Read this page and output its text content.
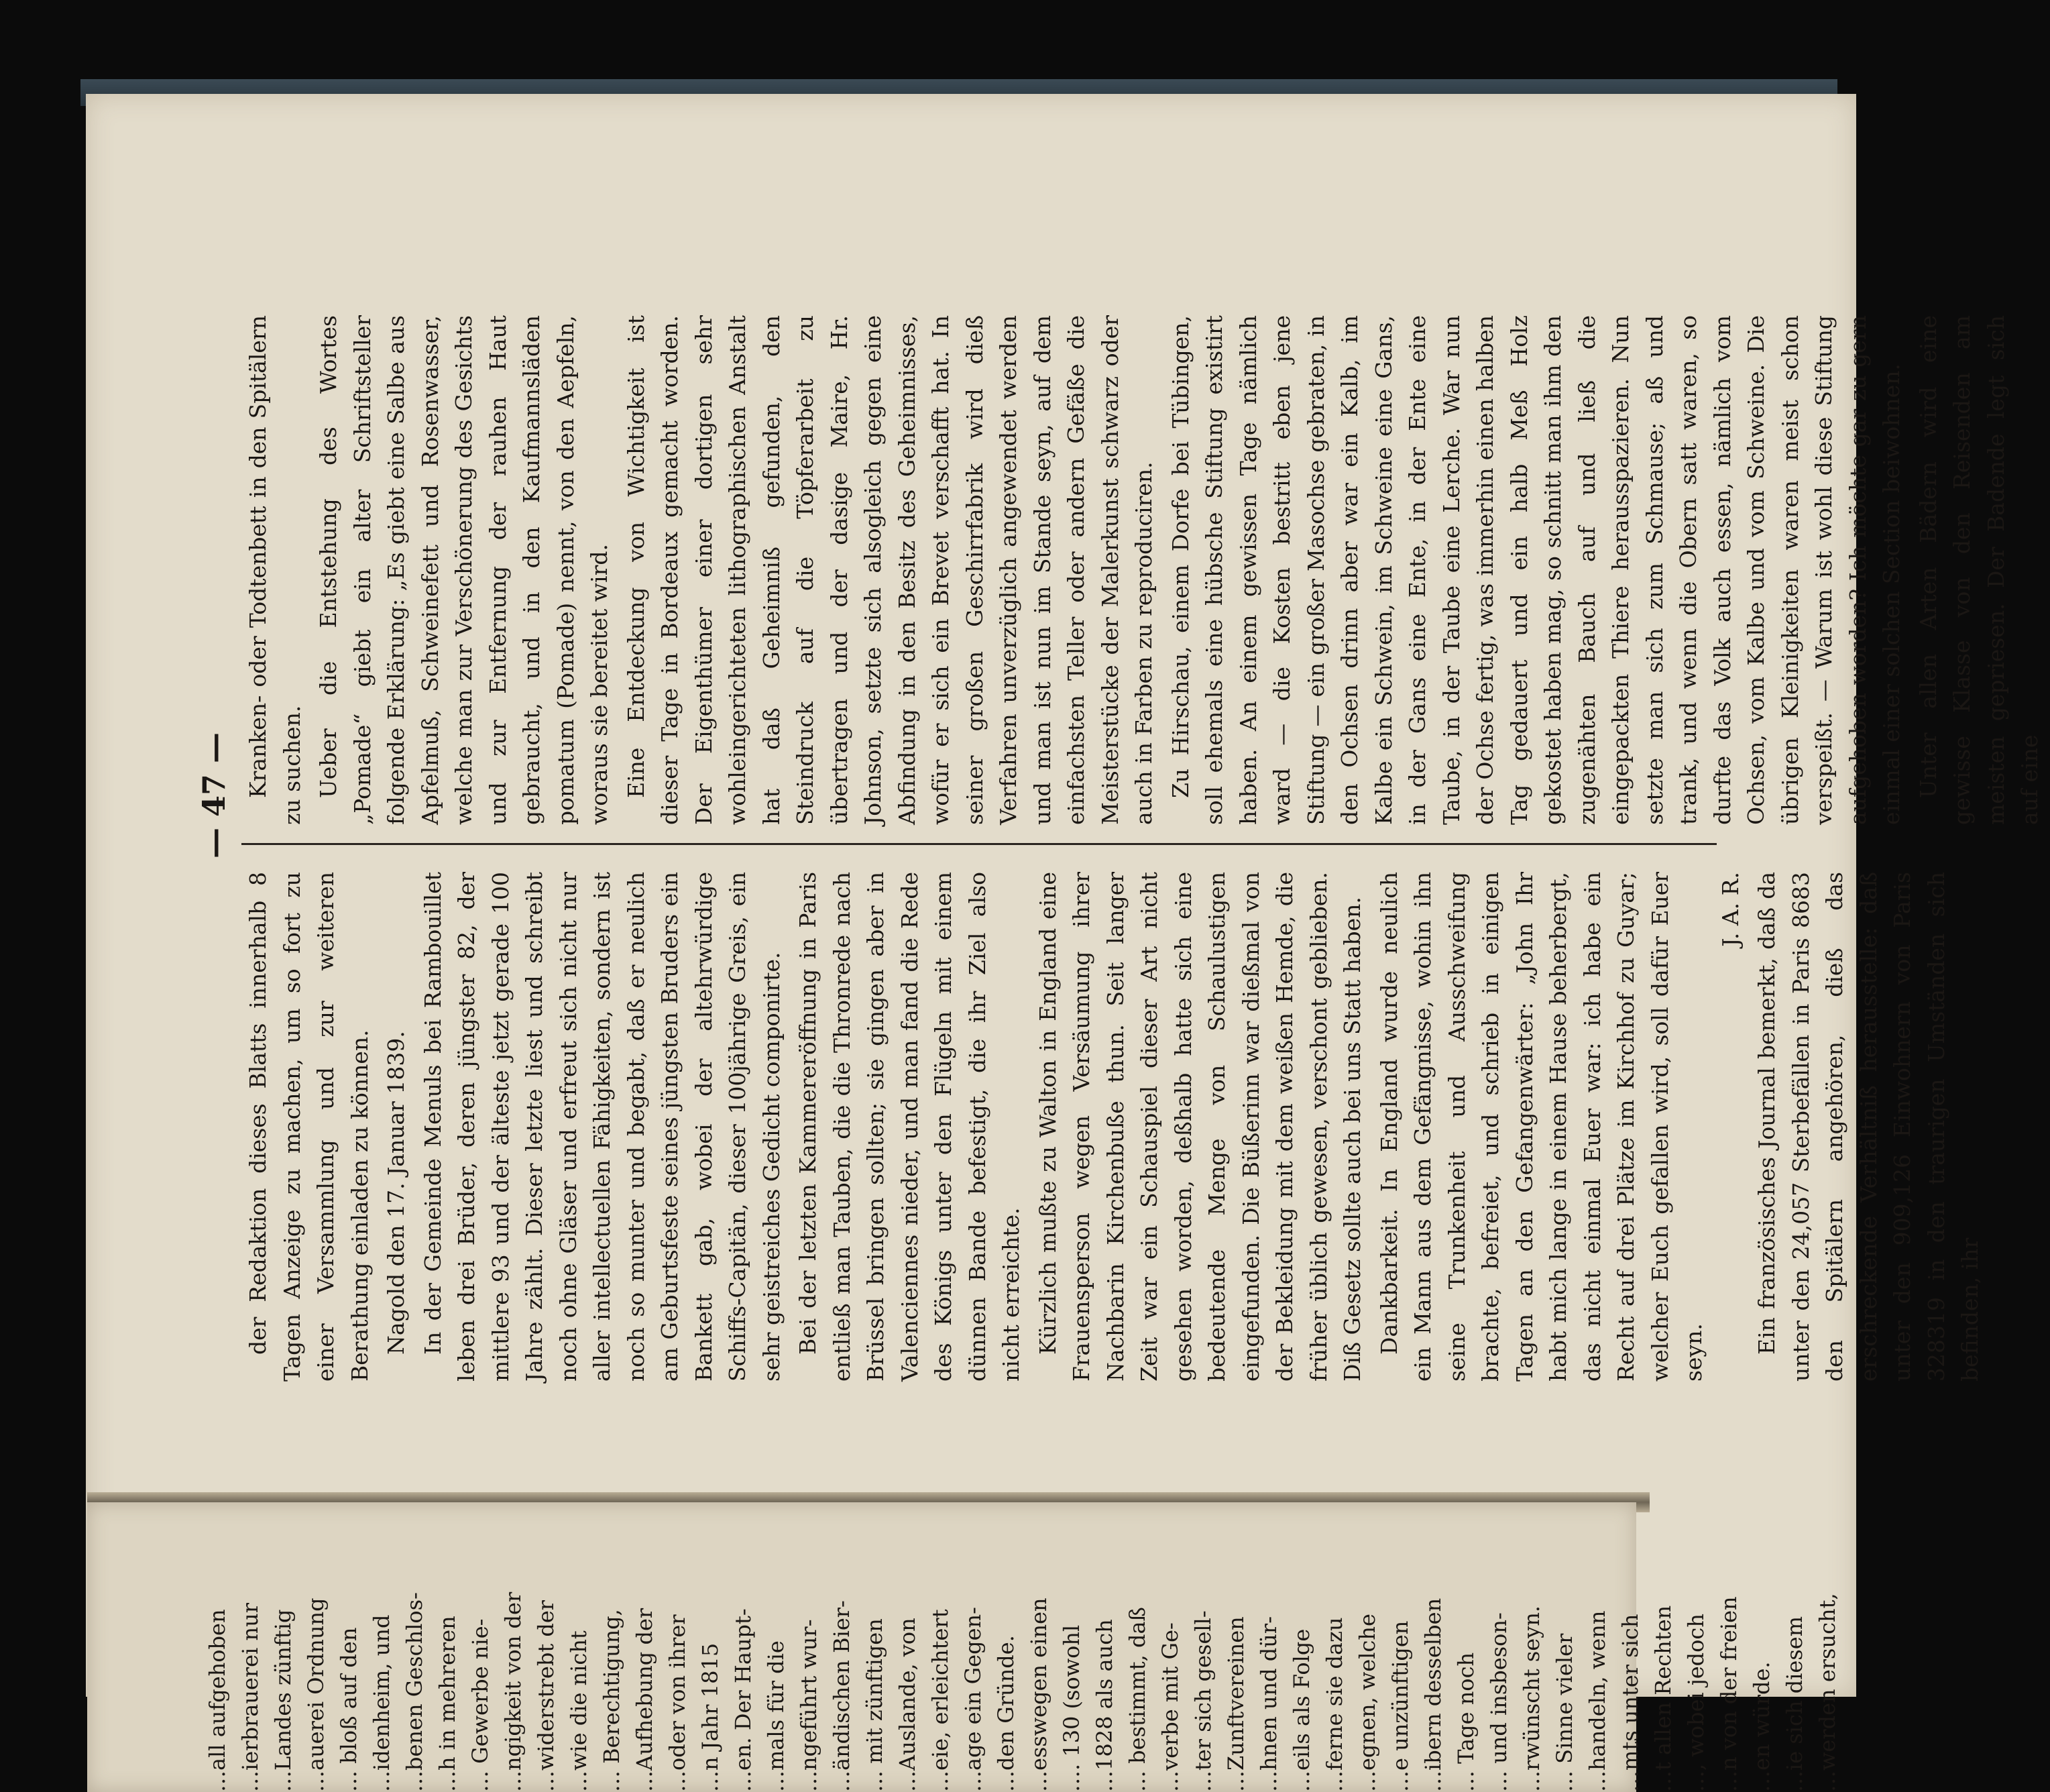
— 47 —
der Redaktion dieses Blatts innerhalb 8 Tagen Anzeige zu machen, um so fort zu einer Versammlung und zur weiteren Berathung einladen zu können. Nagold den 17. Januar 1839. In der Gemeinde Menuls bei Rambouillet leben drei Brüder, deren jüngster 82, der mittlere 93 und der älteste jetzt gerade 100 Jahre zählt. Dieser letzte liest und schreibt noch ohne Gläser und erfreut sich nicht nur aller intellectuellen Fähigkeiten, sondern ist noch so munter und begabt, daß er neulich am Geburtsfeste seines jüngsten Bruders ein Bankett gab, wobei der altehrwürdige Schiffs-Capitän, dieser 100jährige Greis, ein sehr geistreiches Gedicht componirte. Bei der letzten Kammereröffnung in Paris entließ man Tauben, die die Thronrede nach Brüssel bringen sollten; sie gingen aber in Valenciennes nieder, und man fand die Rede des Königs unter den Flügeln mit einem dünnen Bande befestigt, die ihr Ziel also nicht erreichte. Kürzlich mußte zu Walton in England eine Frauensperson wegen Versäumung ihrer Nachbarin Kirchenbuße thun. Seit langer Zeit war ein Schauspiel dieser Art nicht gesehen worden, deßhalb hatte sich eine bedeutende Menge von Schaulustigen eingefunden. Die Büßerinn war dießmal von der Bekleidung mit dem weißen Hemde, die früher üblich gewesen, verschont geblieben. Diß Gesetz sollte auch bei uns Statt haben. Dankbarkeit. In England wurde neulich ein Mann aus dem Gefängnisse, wohin ihn seine Trunkenheit und Ausschweifung brachte, befreiet, und schrieb in einigen Tagen an den Gefangenwärter: „John Ihr habt mich lange in einem Hause beherbergt, das nicht einmal Euer war: ich habe ein Recht auf drei Plätze im Kirchhof zu Guyar; welcher Euch gefallen wird, soll dafür Euer seyn.
J. A. R. Ein französisches Journal bemerkt, daß da unter den 24,057 Sterbefällen in Paris 8683 den Spitälern angehören, dieß das erschreckende Verhältniß herausstelle: daß unter den 909,126 Einwohnern von Paris 328319 in den traurigen Umständen sich befinden, ihr
Kranken- oder Todtenbett in den Spitälern zu suchen. Ueber die Entstehung des Wortes „Pomade“ giebt ein alter Schriftsteller folgende Erklärung: „Es giebt eine Salbe aus Apfelmuß, Schweinefett und Rosenwasser, welche man zur Verschönerung des Gesichts und zur Entfernung der rauhen Haut gebraucht, und in den Kaufmannsläden pomatum (Pomade) nennt, von den Aepfeln, woraus sie bereitet wird. Eine Entdeckung von Wichtigkeit ist dieser Tage in Bordeaux gemacht worden. Der Eigenthümer einer dortigen sehr wohleingerichteten lithographischen Anstalt hat daß Geheimniß gefunden, den Steindruck auf die Töpferarbeit zu übertragen und der dasige Maire, Hr. Johnson, setzte sich alsogleich gegen eine Abfindung in den Besitz des Geheimnisses, wofür er sich ein Brevet verschafft hat. In seiner großen Geschirrfabrik wird dieß Verfahren unverzüglich angewendet werden und man ist nun im Stande seyn, auf dem einfachsten Teller oder andern Gefäße die Meisterstücke der Malerkunst schwarz oder auch in Farben zu reproduciren. Zu Hirschau, einem Dorfe bei Tübingen, soll ehemals eine hübsche Stiftung existirt haben. An einem gewissen Tage nämlich ward — die Kosten bestritt eben jene Stiftung — ein großer Masochse gebraten, in den Ochsen drinn aber war ein Kalb, im Kalbe ein Schwein, im Schweine eine Gans, in der Gans eine Ente, in der Ente eine Taube, in der Taube eine Lerche. War nun der Ochse fertig, was immerhin einen halben Tag gedauert und ein halb Meß Holz gekostet haben mag, so schnitt man ihm den zugenähten Bauch auf und ließ die eingepackten Thiere herausspazieren. Nun setzte man sich zum Schmause; aß und trank, und wenn die Obern satt waren, so durfte das Volk auch essen, nämlich vom Ochsen, vom Kalbe und vom Schweine. Die übrigen Kleinigkeiten waren meist schon verspeißt. — Warum ist wohl diese Stiftung aufgehoben worden? Ich möchte gar zu gern einmal einer solchen Section beiwohnen. Unter allen Arten Bädern wird eine gewisse Klasse von den Reisenden am meisten gepriesen. Der Badende legt sich auf eine
…all aufgehoben …ierbrauerei nur …Landes zünftig …auerei Ordnung … bloß auf den …idenheim, und …benen Geschlos- …h in mehreren … Gewerbe nie- …ngigkeit von der …widerstrebt der …wie die nicht … Berechtigung, …Aufhebung der …oder von ihrer …n Jahr 1815 …en. Der Haupt- …mals für die …ngeführt wur- …ändischen Bier- … mit zünftigen …Auslande, von …eie, erleichtert …age ein Gegen- …den Gründe. …esswegen einen …. 130 (sowohl …1828 als auch … bestimmt, daß …verbe mit Ge- …ter sich gesell- …Zunftvereinen …hnen und dür- …eils als Folge …ferne sie dazu …egnen, welche …e unzünftigen …ibern desselben … Tage noch … und insbeson- …rwünscht seyn. … Sinne vieler …handeln, wenn …mts unter sich …t allen Rechten …, wobei jedoch …n von der freien …en würde. …ie sich diesem …werden ersucht,
